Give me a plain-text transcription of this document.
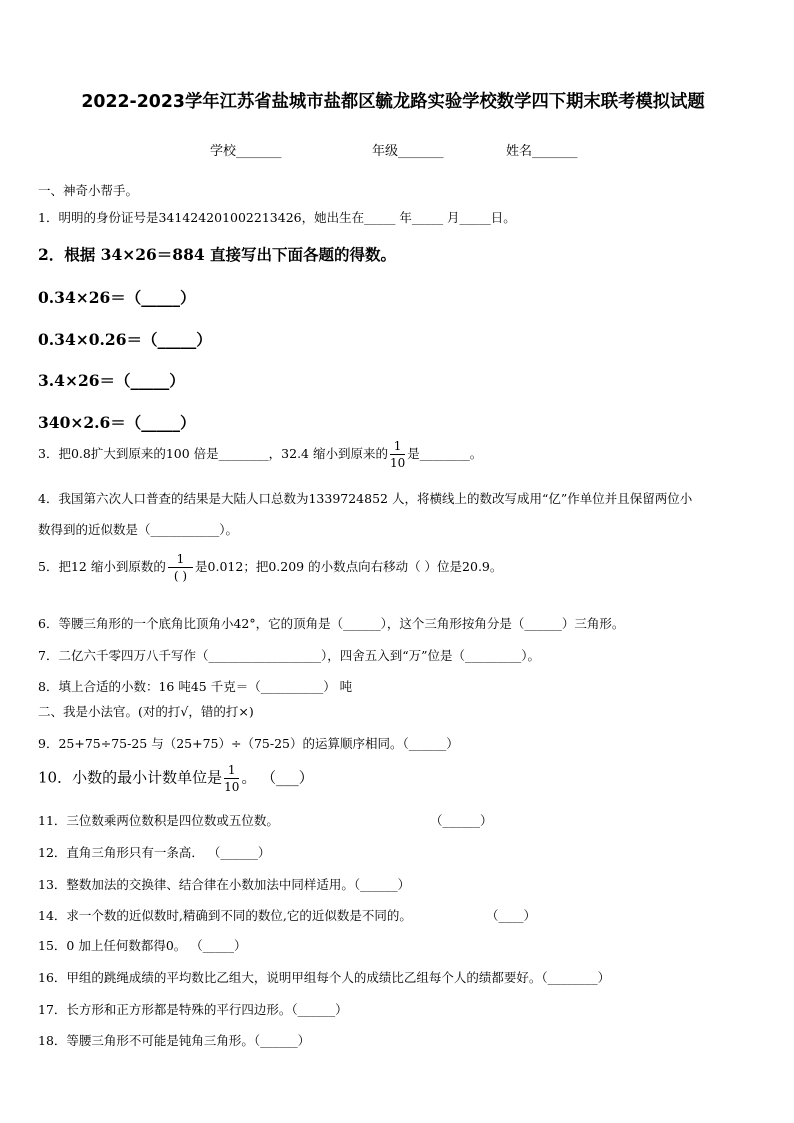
2022-2023学年江苏省盐城市盐都区毓龙路实验学校数学四下期末联考模拟试题
学校_______	年级_______	姓名_______
一、神奇小帮手。
1．明明的身份证号是341424201002213426，她出生在_____ 年_____ 月_____日。
2．根据 34×26＝884 直接写出下面各题的得数。
0.34×26＝（_____）
0.34×0.26＝（_____）
3.4×26＝（_____）
340×2.6＝（_____）
3．把0.8扩大到原来的100 倍是________，32.4 缩小到原来的 $\frac{1}{10}$ 是________。
4．我国第六次人口普查的结果是大陆人口总数为1339724852 人，将横线上的数改写成用“亿”作单位并且保留两位小
数得到的近似数是（___________）。
5．把12 缩小到原数的 $\frac{1}{( )}$ 是0.012；把0.209 的小数点向右移动（ ）位是20.9。
6．等腰三角形的一个底角比顶角小42°，它的顶角是（______），这个三角形按角分是（______）三角形。
7．二亿六千零四万八千写作（__________________），四舍五入到“万”位是（_________）。
8．填上合适的小数：16 吨45 千克＝（__________） 吨
二、我是小法官。(对的打√，错的打×)
9．25+75÷75-25 与（25+75）÷（75-25）的运算顺序相同。（______）
10．小数的最小计数单位是 $\frac{1}{10}$ 。 （___）
11．三位数乘两位数积是四位数或五位数。	（______）
12．直角三角形只有一条高． （______）
13．整数加法的交换律、结合律在小数加法中同样适用。（______）
14．求一个数的近似数时,精确到不同的数位,它的近似数是不同的。	（____）
15．0 加上任何数都得0。 （_____）
16．甲组的跳绳成绩的平均数比乙组大，说明甲组每个人的成绩比乙组每个人的绩都要好。（________）
17．长方形和正方形都是特殊的平行四边形。（______）
18．等腰三角形不可能是钝角三角形。（______）
